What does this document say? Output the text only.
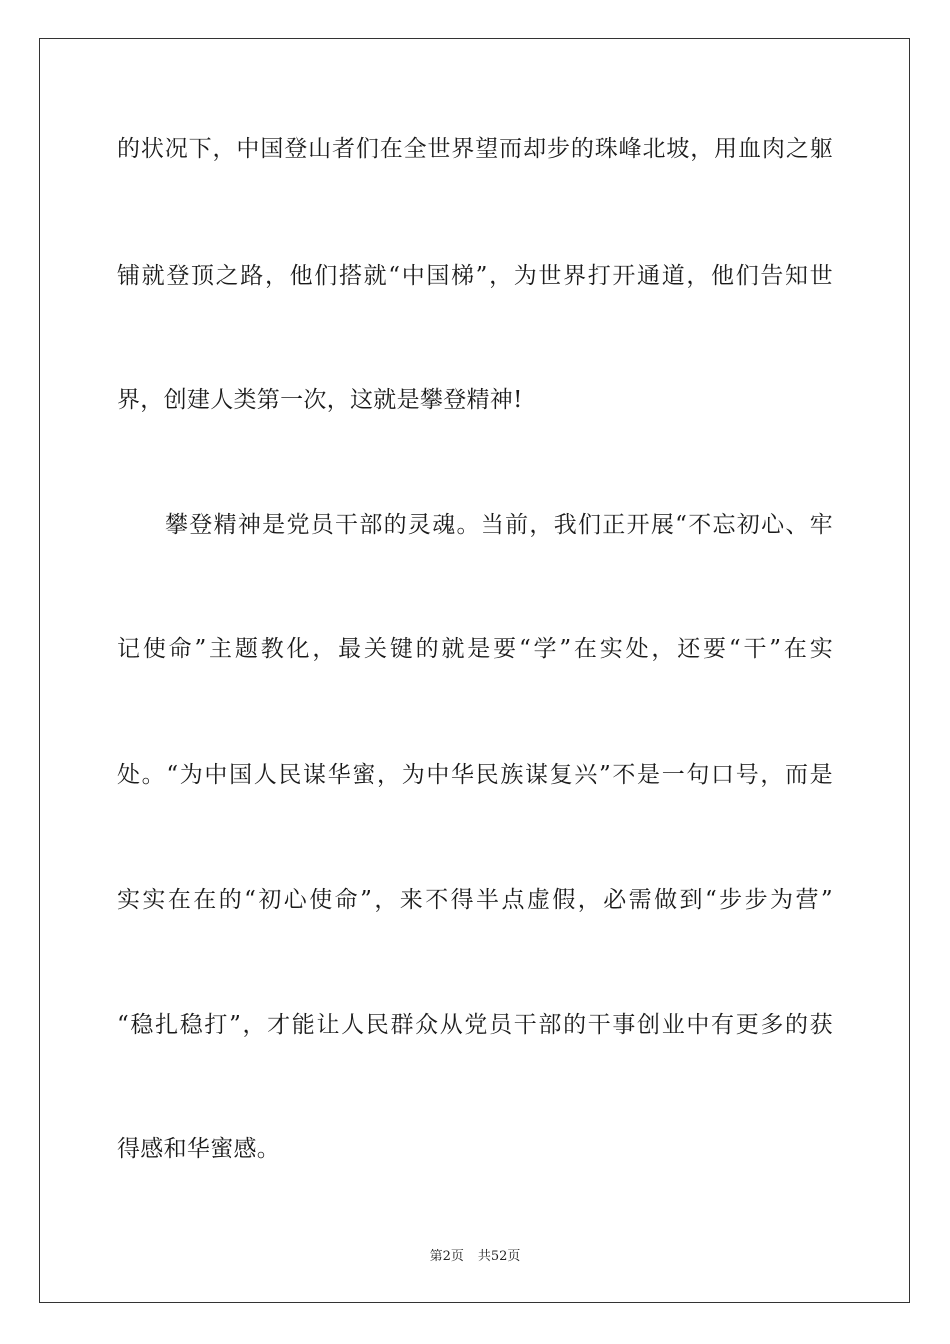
的状况下，中国登山者们在全世界望而却步的珠峰北坡，用血肉之躯
铺就登顶之路，他们搭就“中国梯”，为世界打开通道，他们告知世
界，创建人类第一次，这就是攀登精神!
攀登精神是党员干部的灵魂。当前，我们正开展“不忘初心、牢
记使命”主题教化，最关键的就是要“学”在实处，还要“干”在实
处。“为中国人民谋华蜜，为中华民族谋复兴”不是一句口号，而是
实实在在的“初心使命”，来不得半点虚假，必需做到“步步为营”
“稳扎稳打”，才能让人民群众从党员干部的干事创业中有更多的获
得感和华蜜感。
第2页 共52页
